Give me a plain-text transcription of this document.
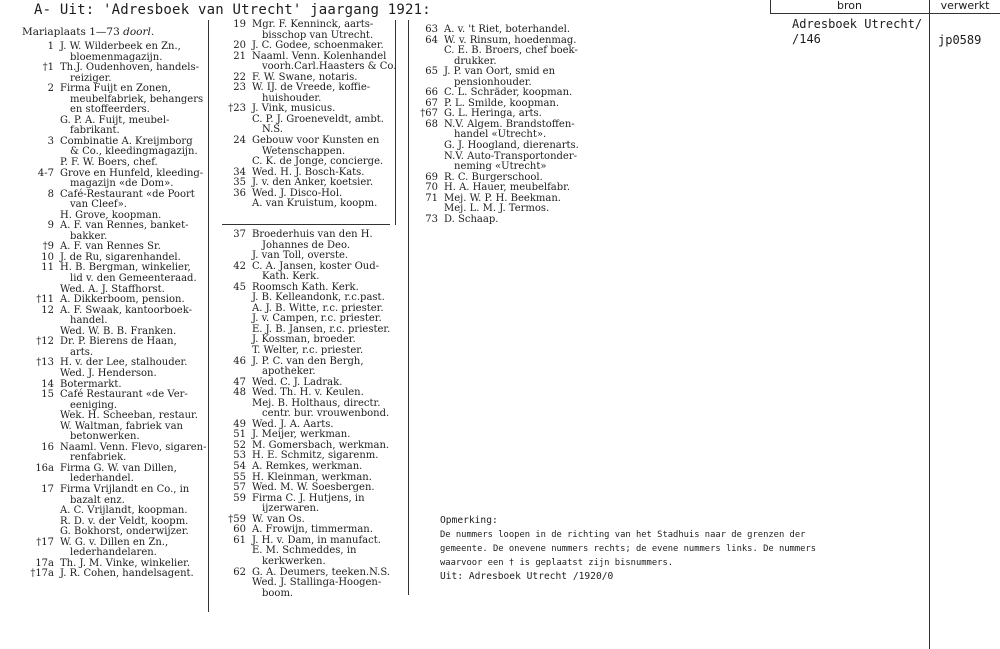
A- Uit: 'Adresboek van Utrecht' jaargang 1921:
Mariaplaats 1—73 doorl.
bron	verwerkt
Adresboek Utrecht/
/146	jp0589
1 J. W. Wilderbeek en Zn.,
bloemenmagazijn.
†1 Th.J. Oudenhoven, handels-
reiziger.
2 Firma Fuijt en Zonen,
meubelfabriek, behangers
en stoffeerders.
G. P. A. Fuijt, meubel-
fabrikant.
3 Combinatie A. Kreijmborg
& Co., kleedingmagazijn.
P. F. W. Boers, chef.
4-7 Grove en Hunfeld, kleeding-
magazijn «de Dom».
8 Café-Restaurant «de Poort
van Cleef».
H. Grove, koopman.
9 A. F. van Rennes, banket-
bakker.
†9 A. F. van Rennes Sr.
10 J. de Ru, sigarenhandel.
11 H. B. Bergman, winkelier,
lid v. den Gemeenteraad.
Wed. A. J. Staffhorst.
†11 A. Dikkerboom, pension.
12 A. F. Swaak, kantoorboek-
handel.
Wed. W. B. B. Franken.
†12 Dr. P. Bierens de Haan,
arts.
†13 H. v. der Lee, stalhouder.
Wed. J. Henderson.
14 Botermarkt.
15 Café Restaurant «de Ver-
eeniging.
Wek. H. Scheeban, restaur.
W. Waltman, fabriek van
betonwerken.
16 Naaml. Venn. Flevo, sigaren-
renfabriek.
16a Firma G. W. van Dillen,
lederhandel.
17 Firma Vrijlandt en Co., in
bazalt enz.
A. C. Vrijlandt, koopman.
R. D. v. der Veldt, koopm.
G. Bokhorst, onderwijzer.
†17 W. G. v. Dillen en Zn.,
lederhandelaren.
17a Th. J. M. Vinke, winkelier.
†17a J. R. Cohen, handelsagent.
19 Mgr. F. Kenninck, aarts-
bisschop van Utrecht.
20 J. C. Godee, schoenmaker.
21 Naaml. Venn. Kolenhandel
voorh.Carl.Haasters & Co.
22 F. W. Swane, notaris.
23 W. IJ. de Vreede, koffie-
huishouder.
†23 J. Vink, musicus.
C. P. J. Groeneveldt, ambt.
N.S.
24 Gebouw voor Kunsten en
Wetenschappen.
C. K. de Jonge, concierge.
34 Wed. H. J. Bosch-Kats.
35 J. v. den Anker, koetsier.
36 Wed. J. Disco-Hol.
A. van Kruistum, koopm.
37 Broederhuis van den H.
Johannes de Deo.
J. van Toll, overste.
42 C. A. Jansen, koster Oud-
Kath. Kerk.
45 Roomsch Kath. Kerk.
J. B. Kelleandonk, r.c.past.
A. J. B. Witte, r.c. priester.
J. v. Campen, r.c. priester.
E. J. B. Jansen, r.c. priester.
J. Kossman, broeder.
T. Welter, r.c. priester.
46 J. P. C. van den Bergh,
apotheker.
47 Wed. C. J. Ladrak.
48 Wed. Th. H. v. Keulen.
Mej. B. Holthaus, directr.
centr. bur. vrouwenbond.
49 Wed. J. A. Aarts.
51 J. Meijer, werkman.
52 M. Gomersbach, werkman.
53 H. E. Schmitz, sigarenm.
54 A. Remkes, werkman.
55 H. Kleinman, werkman.
57 Wed. M. W. Soesbergen.
59 Firma C. J. Hutjens, in
ijzerwaren.
†59 W. van Os.
60 A. Frowijn, timmerman.
61 J. H. v. Dam, in manufact.
E. M. Schmeddes, in
kerkwerken.
62 G. A. Deumers, teeken.N.S.
Wed. J. Stallinga-Hoogen-
boom.
63 A. v. 't Riet, boterhandel.
64 W. v. Rinsum, hoedenmag.
C. E. B. Broers, chef boek-
drukker.
65 J. P. van Oort, smid en
pensionhouder.
66 C. L. Schräder, koopman.
67 P. L. Smilde, koopman.
†67 G. L. Heringa, arts.
68 N.V. Algem. Brandstoffen-
handel «Utrecht».
G. J. Hoogland, dierenarts.
N.V. Auto-Transportonder-
neming «Utrecht»
69 R. C. Burgerschool.
70 H. A. Hauer, meubelfabr.
71 Mej. W. P. H. Beekman.
Mej. L. M. J. Termos.
73 D. Schaap.
Opmerking:
De nummers loopen in de richting van het Stadhuis naar de grenzen der
gemeente. De onevene nummers rechts; de evene nummers links. De nummers
waarvoor een † is geplaatst zijn bisnummers.
Uit: Adresboek Utrecht /1920/0
